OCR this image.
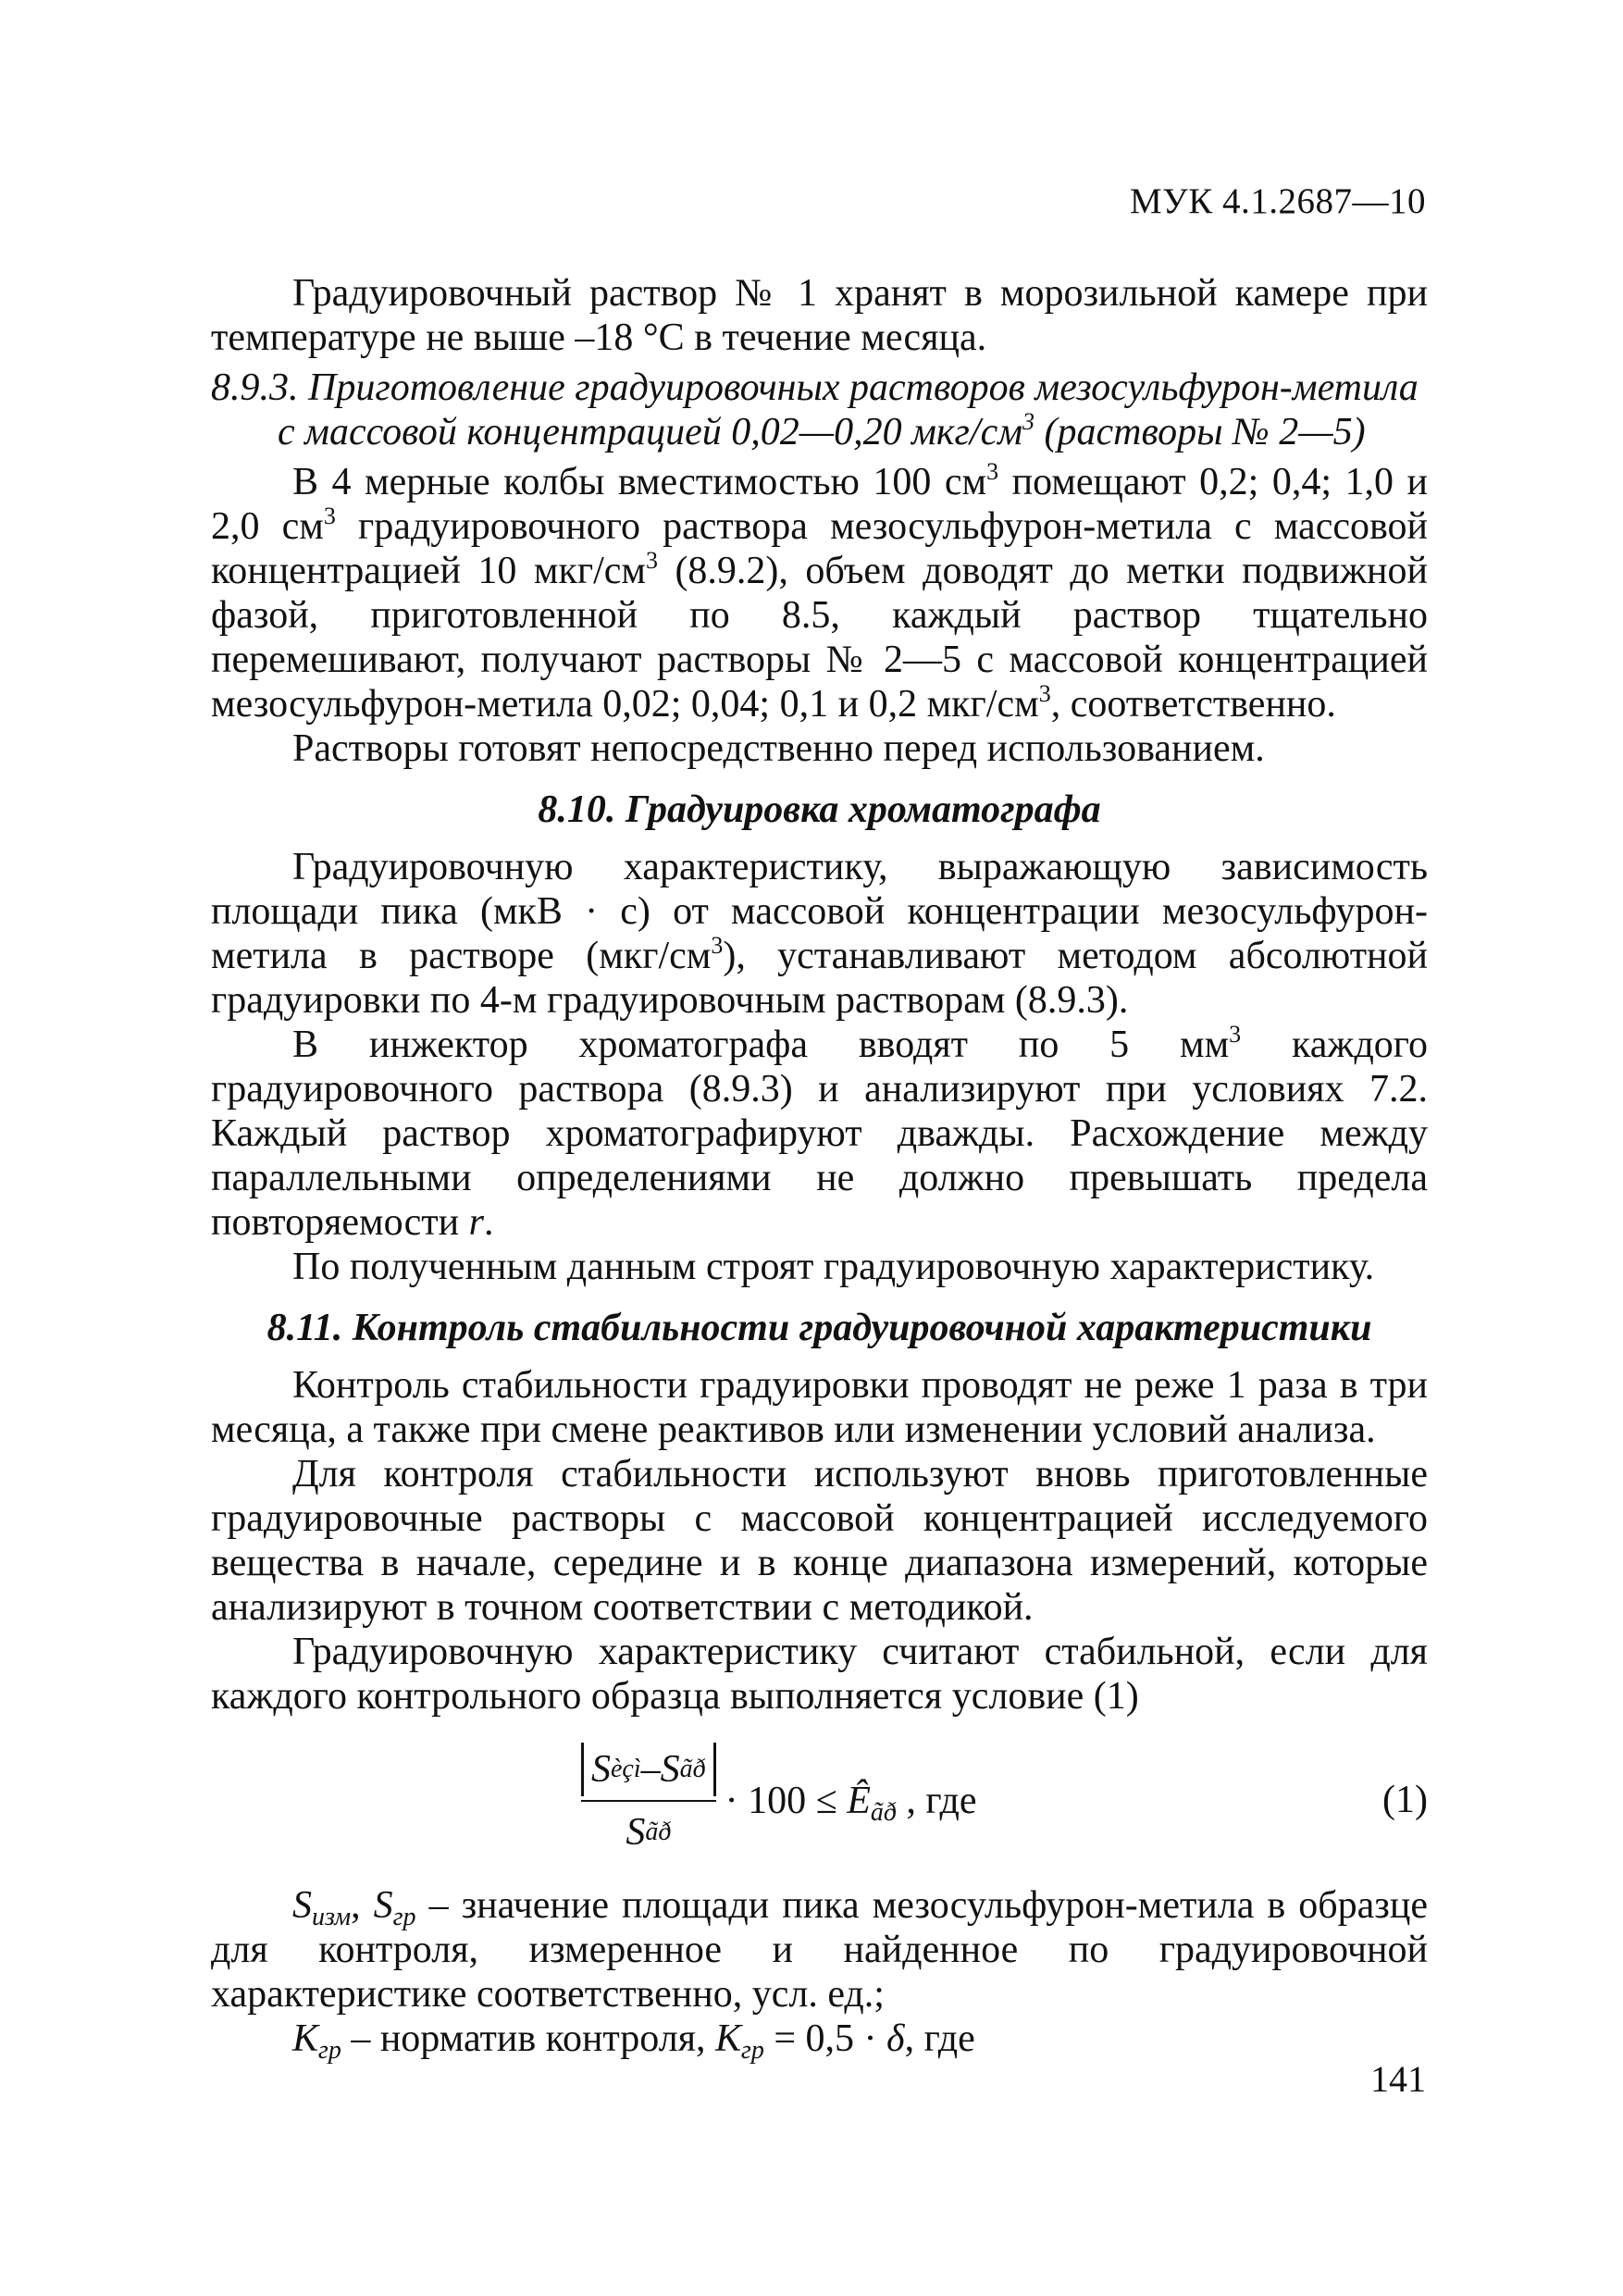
МУК 4.1.2687—10

Градуировочный раствор № 1 хранят в морозильной камере при температуре не выше –18 °С в течение месяца.

8.9.3. Приготовление градуировочных растворов мезосульфурон-метила
с массовой концентрацией 0,02—0,20 мкг/$см^3$ (растворы № 2—5)

В 4 мерные колбы вместимостью 100 $см^3$ помещают 0,2; 0,4; 1,0 и 2,0 $см^3$ градуировочного раствора мезосульфурон-метила с массовой концентрацией 10 мкг/$см^3$ (8.9.2), объем доводят до метки подвижной фазой, приготовленной по 8.5, каждый раствор тщательно перемешивают, получают растворы № 2—5 с массовой концентрацией мезосульфурон-метила 0,02; 0,04; 0,1 и 0,2 мкг/$см^3$, соответственно.

Растворы готовят непосредственно перед использованием.

8.10. Градуировка хроматографа

Градуировочную характеристику, выражающую зависимость площади пика (мкВ · с) от массовой концентрации мезосульфурон-метила в растворе $(мкг/см^3)$, устанавливают методом абсолютной градуировки по 4-м градуировочным растворам (8.9.3).

В инжектор хроматографа вводят по 5 $мм^3$ каждого градуировочного раствора (8.9.3) и анализируют при условиях 7.2. Каждый раствор хроматографируют дважды. Расхождение между параллельными определениями не должно превышать предела повторяемости r.

По полученным данным строят градуировочную характеристику.

8.11. Контроль стабильности градуировочной характеристики

Контроль стабильности градуировки проводят не реже 1 раза в три месяца, а также при смене реактивов или изменении условий анализа.

Для контроля стабильности используют вновь приготовленные градуировочные растворы с массовой концентрацией исследуемого вещества в начале, середине и в конце диапазона измерений, которые анализируют в точном соответствии с методикой.

Градуировочную характеристику считают стабильной, если для каждого контрольного образца выполняется условие (1)

$\frac{\text{S èçì – S ãð}}{\text{S ãð}} \cdot 100$ ≤ $Ê_{ãð}$ , где	(1)

$S_{изм}$, $S_{гр}$ – значение площади пика мезосульфурон-метила в образце для контроля, измеренное и найденное по градуировочной характеристике соответственно, усл. ед.;

$К_{гр}$ – норматив контроля, $К_{гр} = 0,5 \cdot \delta$, где

141
